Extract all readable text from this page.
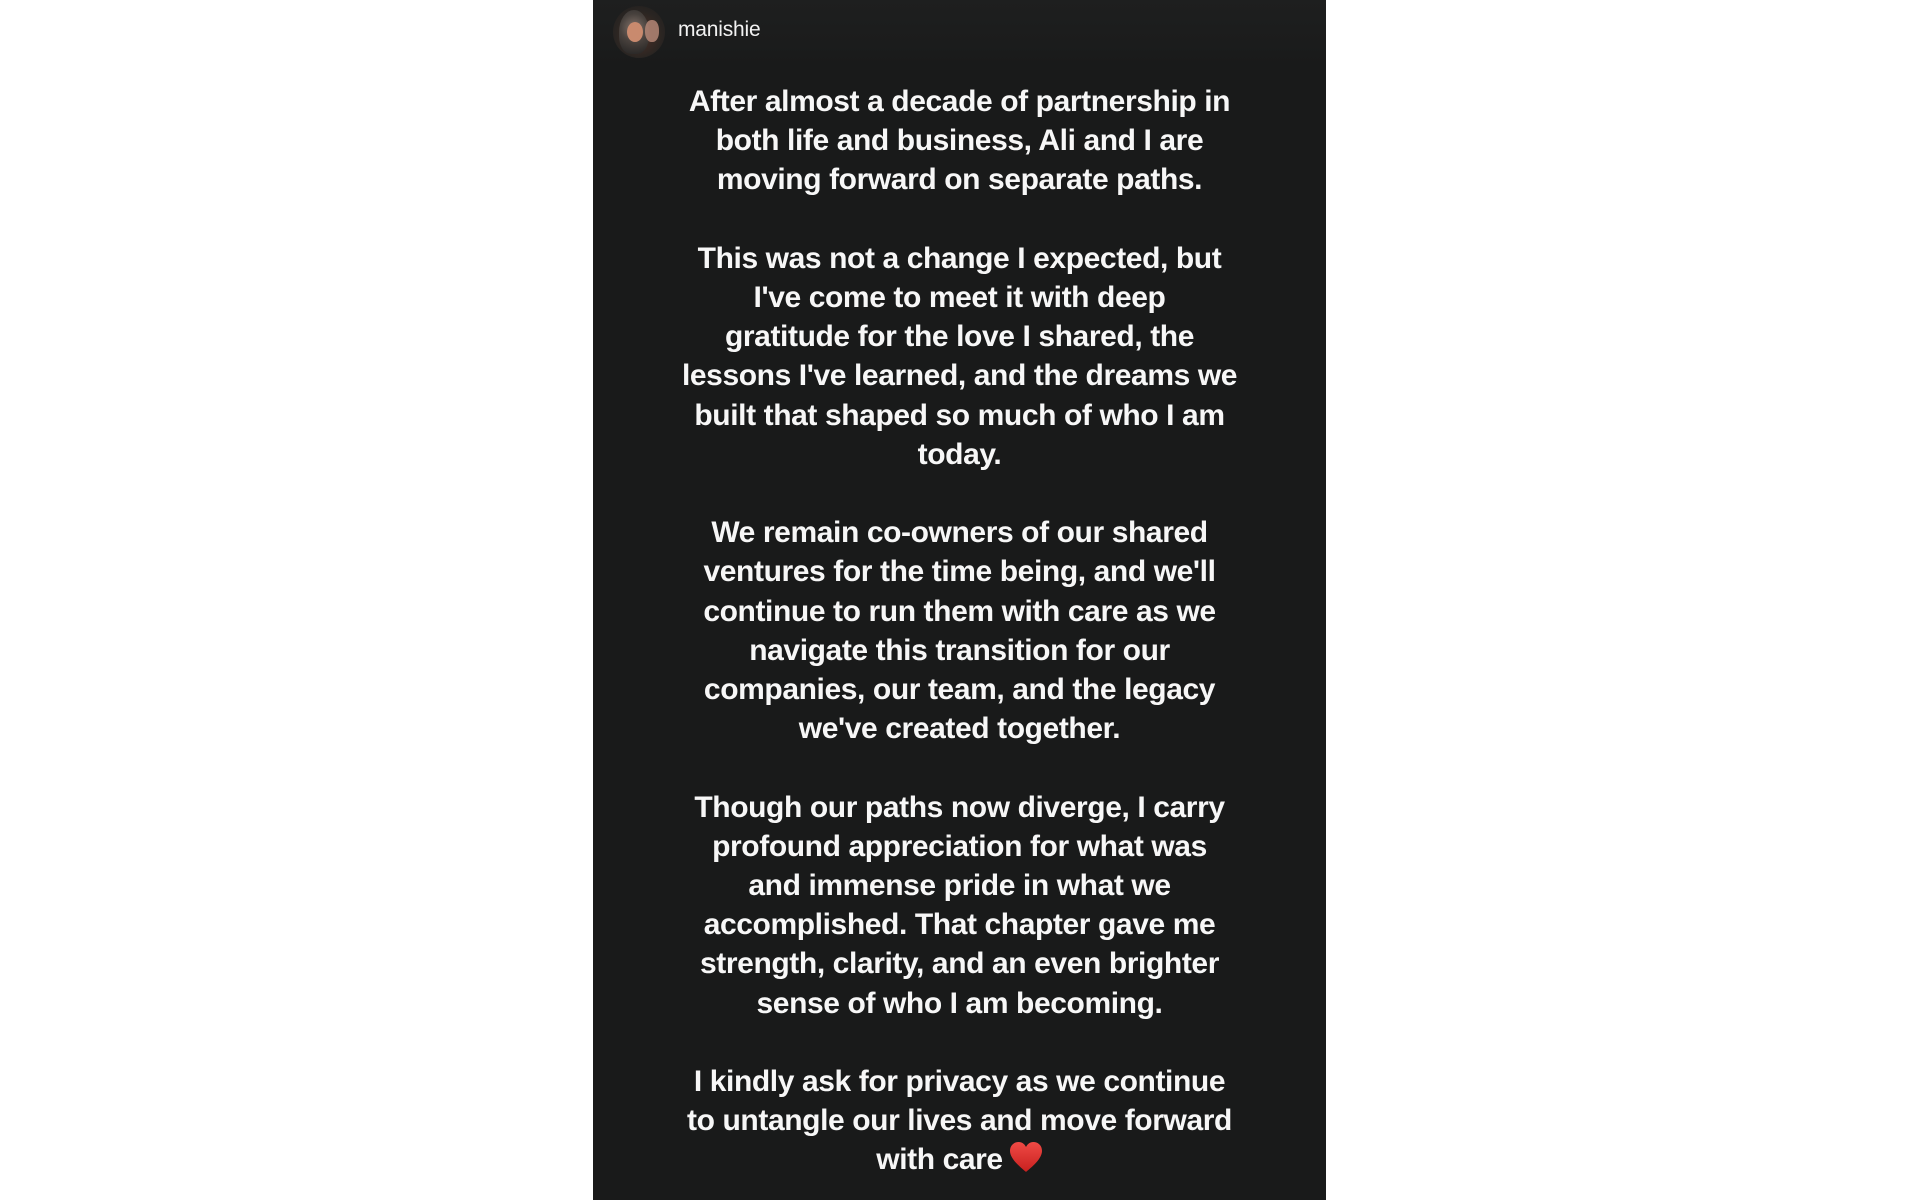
manishie

After almost a decade of partnership in
both life and business, Ali and I are
moving forward on separate paths.

This was not a change I expected, but
I've come to meet it with deep
gratitude for the love I shared, the
lessons I've learned, and the dreams we
built that shaped so much of who I am
today.

We remain co-owners of our shared
ventures for the time being, and we'll
continue to run them with care as we
navigate this transition for our
companies, our team, and the legacy
we've created together.

Though our paths now diverge, I carry
profound appreciation for what was
and immense pride in what we
accomplished. That chapter gave me
strength, clarity, and an even brighter
sense of who I am becoming.

I kindly ask for privacy as we continue
to untangle our lives and move forward
with care
